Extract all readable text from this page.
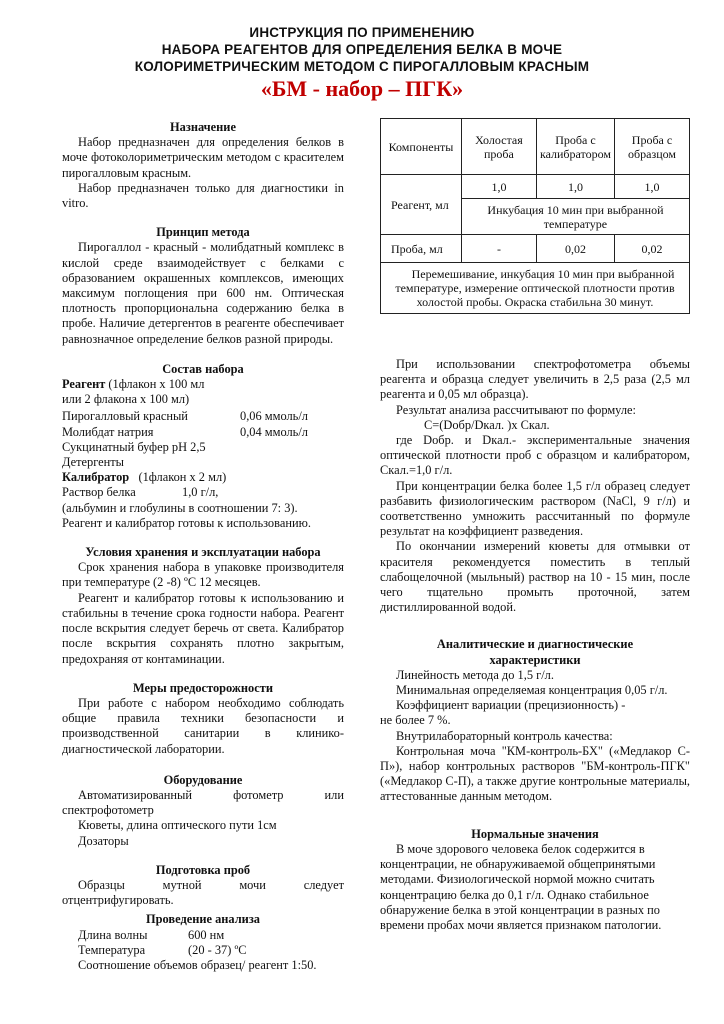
ИНСТРУКЦИЯ ПО ПРИМЕНЕНИЮ
НАБОРА РЕАГЕНТОВ ДЛЯ ОПРЕДЕЛЕНИЯ БЕЛКА В МОЧЕ
КОЛОРИМЕТРИЧЕСКИМ МЕТОДОМ С ПИРОГАЛЛОВЫМ КРАСНЫМ
«БМ - набор – ПГК»

Назначение

Набор предназначен для определения белков в моче фотоколориметрическим методом с красителем пирогалловым красным.

Набор предназначен только для диагностики in vitro.

Принцип метода

Пирогаллол - красный - молибдатный комплекс в кислой среде взаимодействует с белками с образованием окрашенных комплексов, имеющих максимум поглощения при 600 нм. Оптическая плотность пропорциональна содержанию белка в пробе. Наличие детергентов в реагенте обеспечивает равнозначное определение белков разной природы.

Состав набора

Реагент (1флакон х 100 мл
или 2 флакона х 100 мл)
Пирогалловый красный	0,06 ммоль/л
Молибдат натрия	0,04 ммоль/л
Сукцинатный буфер рН 2,5
Детергенты
Калибратор   (1флакон х 2 мл)
Раствор белка	1,0 г/л,
(альбумин и глобулины в соотношении 7: 3).
Реагент и калибратор готовы к использованию.

Условия хранения и эксплуатации набора

Срок хранения набора в упаковке производителя при температуре (2 -8) ºС 12 месяцев.

Реагент и калибратор готовы к использованию и стабильны в течение срока годности набора. Реагент после вскрытия следует беречь от света. Калибратор после вскрытия сохранять плотно закрытым, предохраняя от контаминации.

Меры предосторожности

При работе с набором необходимо соблюдать общие правила техники безопасности и производственной санитарии в клинико-диагностической лаборатории.

Оборудование

Автоматизированный фотометр или спектрофотометр

Кюветы, длина оптического пути 1см

Дозаторы

Подготовка проб

Образцы мутной мочи следует отцентрифугировать.

Проведение анализа

Длина волны	600 нм
Температура	(20 - 37) ºС

Соотношение объемов образец/ реагент 1:50.

Компоненты	Холостая проба	Проба с калибратором	Проба с образцом
Реагент, мл	1,0	1,0	1,0
	Инкубация 10 мин при выбранной температуре		
Проба, мл	-	0,02	0,02
Перемешивание, инкубация 10 мин при выбранной температуре, измерение оптической плотности против холостой пробы. Окраска стабильна 30 минут.			

При использовании спектрофотометра объемы реагента и образца следует увеличить в 2,5 раза (2,5 мл реагента и 0,05 мл образца).

Результат анализа рассчитывают по формуле:

С=(Dобр/Dкал. )х Скал.

где Dобр. и Dкал.- экспериментальные значения оптической плотности проб с образцом и калибратором, Скал.=1,0 г/л.

При концентрации белка более 1,5 г/л образец следует разбавить физиологическим раствором (NaCl, 9 г/л) и соответственно умножить рассчитанный по формуле результат на коэффициент разведения.

По окончании измерений кюветы для отмывки от красителя рекомендуется поместить в теплый слабощелочной (мыльный) раствор на 10 - 15 мин, после чего тщательно промыть проточной, затем дистиллированной водой.

Аналитические и диагностические характеристики

Линейность метода до 1,5 г/л.

Минимальная определяемая концентрация 0,05 г/л.

Коэффициент вариации (прецизионность) -

не более 7 %.

Внутрилабораторный контроль качества:

Контрольная моча "КМ-контроль-БХ" («Медлакор С-П»), набор контрольных растворов "БМ-контроль-ПГК" («Медлакор С-П), а также другие контрольные материалы, аттестованные данным методом.

Нормальные значения

В моче здорового человека белок содержится в концентрации, не обнаруживаемой общепринятыми методами. Физиологической нормой можно считать концентрацию белка до 0,1 г/л. Однако стабильное обнаружение белка в этой концентрации в разных по времени пробах мочи является признаком патологии.
